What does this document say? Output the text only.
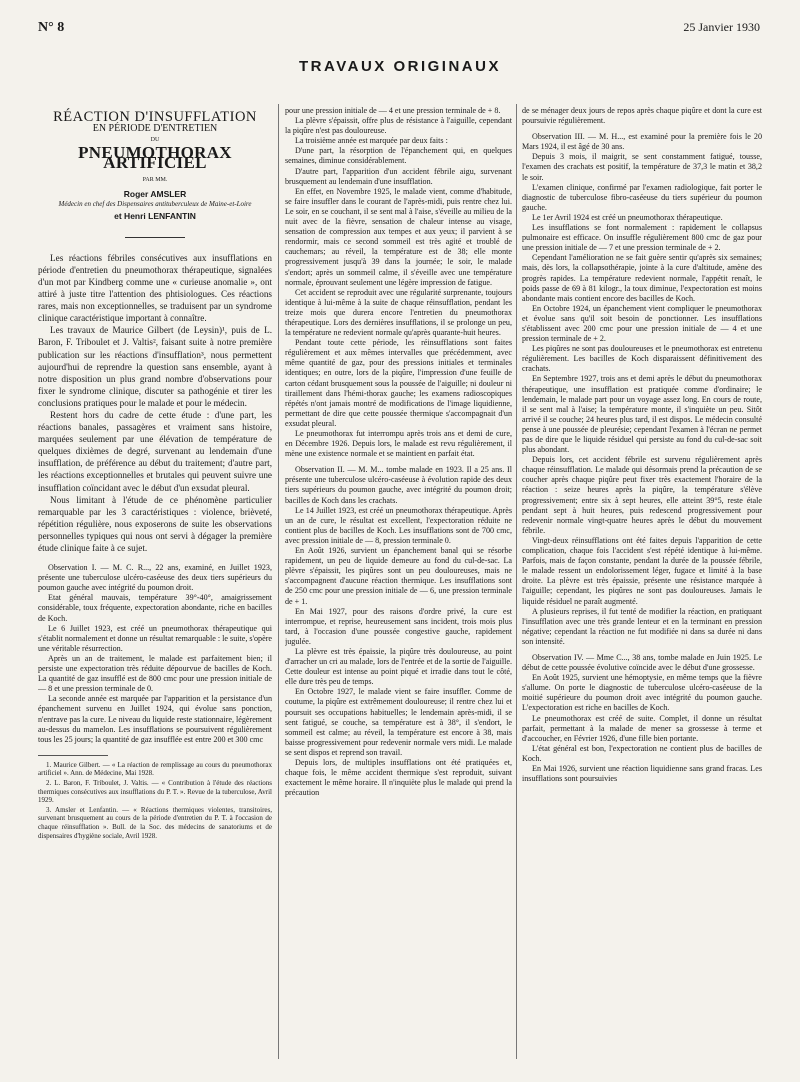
N° 8	25 Janvier 1930
TRAVAUX ORIGINAUX
RÉACTION D'INSUFFLATION
EN PÉRIODE D'ENTRETIEN
DU
PNEUMOTHORAX ARTIFICIEL
PAR MM.
Roger AMSLER
Médecin en chef des Dispensaires antituberculeux de Maine-et-Loire
et Henri LENFANTIN

Les réactions fébriles consécutives aux insufflations en période d'entretien du pneumothorax thérapeutique, signalées d'un mot par Kindberg comme une « curieuse anomalie », ont attiré à juste titre l'attention des phtisiologues. Ces réactions rares, mais non exceptionnelles, se traduisent par un syndrome clinique caractéristique important à connaître.

Les travaux de Maurice Gilbert (de Leysin)¹, puis de L. Baron, F. Triboulet et J. Valtis², faisant suite à notre première publication sur les réactions d'insufflation³, nous permettent aujourd'hui de reprendre la question sans ensemble, ayant à notre disposition un plus grand nombre d'observations pour fixer le syndrome clinique, discuter sa pathogénie et tirer les conclusions pratiques pour le malade et pour le médecin.

Restent hors du cadre de cette étude : d'une part, les réactions banales, passagères et vraiment sans histoire, marquées seulement par une élévation de température de quelques dixièmes de degré, survenant au lendemain d'une insufflation, de préférence au début du traitement; d'autre part, les réactions exceptionnelles et brutales qui peuvent suivre une insufflation coïncidant avec le début d'un exsudat pleural.

Nous limitant à l'étude de ce phénomène particulier remarquable par les 3 caractéristiques : violence, brièveté, répétition régulière, nous exposerons de suite les observations personnelles typiques qui nous ont servi à dégager la première étude clinique faite à ce sujet.

Observation I. — M. C. R..., 22 ans, examiné, en Juillet 1923, présente une tuberculose ulcéro-caséeuse des deux tiers supérieurs du poumon gauche avec intégrité du poumon droit.

Etat général mauvais, température 39°-40°, amaigrissement considérable, toux fréquente, expectoration abondante, riche en bacilles de Koch.

Le 6 Juillet 1923, est créé un pneumothorax thérapeutique qui s'établit normalement et donne un résultat remarquable : le suite, s'opère une véritable résurrection.

Après un an de traitement, le malade est parfaitement bien; il persiste une expectoration très réduite dépourvue de bacilles de Koch. La quantité de gaz insufflé est de 800 cmc pour une pression initiale de — 8 et une pression terminale de 0.

La seconde année est marquée par l'apparition et la persistance d'un épanchement survenu en Juillet 1924, qui évolue sans ponction, n'entrave pas la cure. Le niveau du liquide reste stationnaire, légèrement au-dessus du mamelon. Les insufflations se poursuivent régulièrement tous les 25 jours; la quantité de gaz insufflée est entre 200 et 300 cmc

1. Maurice Gilbert. — « La réaction de remplissage au cours du pneumothorax artificiel ». Ann. de Médecine, Mai 1928.

2. L. Baron, F. Triboulet, J. Valtis. — « Contribution à l'étude des réactions thermiques consécutives aux insufflations du P. T. ». Revue de la tuberculose, Avril 1929.

3. Amsler et Lenfantin. — « Réactions thermiques violentes, transitoires, survenant brusquement au cours de la période d'entretien du P. T. à l'occasion de chaque réinsufflation ». Bull. de la Soc. des médecins de sanatoriums et de dispensaires d'hygiène sociale, Avril 1928.

pour une pression initiale de — 4 et une pression terminale de + 8.

La plèvre s'épaissit, offre plus de résistance à l'aiguille, cependant la piqûre n'est pas douloureuse.

La troisième année est marquée par deux faits :

D'une part, la résorption de l'épanchement qui, en quelques semaines, diminue considérablement.

D'autre part, l'apparition d'un accident fébrile aigu, survenant brusquement au lendemain d'une insufflation.

En effet, en Novembre 1925, le malade vient, comme d'habitude, se faire insuffler dans le courant de l'après-midi, puis rentre chez lui. Le soir, en se couchant, il se sent mal à l'aise, s'éveille au milieu de la nuit avec de la fièvre, sensation de chaleur intense au visage, sensation de compression aux tempes et aux yeux; il parvient à se rendormir, mais ce second sommeil est très agité et troublé de cauchemars; au réveil, la température est de 38; elle monte progressivement jusqu'à 39 dans la journée; le soir, le malade s'endort; après un sommeil calme, il s'éveille avec une température normale, éprouvant seulement une légère impression de fatigue.

Cet accident se reproduit avec une régularité surprenante, toujours identique à lui-même à la suite de chaque réinsufflation, pendant les treize mois que durera encore l'entretien du pneumothorax thérapeutique. Lors des dernières insufflations, il se prolonge un peu, la température ne redevient normale qu'après quarante-huit heures.

Pendant toute cette période, les réinsufflations sont faites régulièrement et aux mêmes intervalles que précédemment, avec même quantité de gaz, pour des pressions initiales et terminales identiques; en outre, lors de la piqûre, l'impression d'une feuille de carton cédant brusquement sous la poussée de l'aiguille; ni douleur ni tiraillement dans l'hémi-thorax gauche; les examens radioscopiques répétés n'ont jamais montré de modifications de l'image liquidienne, permettant de dire que cette poussée thermique s'accompagnait d'un exsudat pleural.

Le pneumothorax fut interrompu après trois ans et demi de cure, en Décembre 1926. Depuis lors, le malade est revu régulièrement, il mène une existence normale et se maintient en parfait état.

Observation II. — M. M... tombe malade en 1923. Il a 25 ans. Il présente une tuberculose ulcéro-caséeuse à évolution rapide des deux tiers supérieurs du poumon gauche, avec intégrité du poumon droit; bacilles de Koch dans les crachats.

Le 14 Juillet 1923, est créé un pneumothorax thérapeutique. Après un an de cure, le résultat est excellent, l'expectoration réduite ne contient plus de bacilles de Koch. Les insufflations sont de 700 cmc, avec pression initiale de — 8, pression terminale 0.

En Août 1926, survient un épanchement banal qui se résorbe rapidement, un peu de liquide demeure au fond du cul-de-sac. La plèvre s'épaissit, les piqûres sont un peu douloureuses, mais ne s'accompagnent d'aucune réaction thermique. Les insufflations sont de 250 cmc pour une pression initiale de — 6, une pression terminale de + 1.

En Mai 1927, pour des raisons d'ordre privé, la cure est interrompue, et reprise, heureusement sans incident, trois mois plus tard, à l'occasion d'une poussée congestive gauche, rapidement jugulée.

La plèvre est très épaissie, la piqûre très douloureuse, au point d'arracher un cri au malade, lors de l'entrée et de la sortie de l'aiguille. Cette douleur est intense au point piqué et irradie dans tout le côté, elle dure très peu de temps.

En Octobre 1927, le malade vient se faire insuffler. Comme de coutume, la piqûre est extrêmement douloureuse; il rentre chez lui et poursuit ses occupations habituelles; le lendemain après-midi, il se sent fatigué, se couche, sa température est à 38°, il s'endort, le sommeil est calme; au réveil, la température est encore à 38, mais baisse progressivement pour redevenir normale vers midi. Le malade se sent dispos et reprend son travail.

Depuis lors, de multiples insufflations ont été pratiquées et, chaque fois, le même accident thermique s'est reproduit, suivant exactement le même horaire. Il n'inquiète plus le malade qui prend la précaution

de se ménager deux jours de repos après chaque piqûre et dont la cure est poursuivie régulièrement.

Observation III. — M. H..., est examiné pour la première fois le 20 Mars 1924, il est âgé de 30 ans.

Depuis 3 mois, il maigrit, se sent constamment fatigué, tousse, l'examen des crachats est positif, la température de 37,3 le matin et 38,2 le soir.

L'examen clinique, confirmé par l'examen radiologique, fait porter le diagnostic de tuberculose fibro-caséeuse du tiers supérieur du poumon gauche.

Le 1er Avril 1924 est créé un pneumothorax thérapeutique.

Les insufflations se font normalement : rapidement le collapsus pulmonaire est efficace. On insuffle régulièrement 800 cmc de gaz pour une pression initiale de — 7 et une pression terminale de + 2.

Cependant l'amélioration ne se fait guère sentir qu'après six semaines; mais, dès lors, la collapsothérapie, jointe à la cure d'altitude, amène des progrès rapides. La température redevient normale, l'appétit renaît, le poids passe de 69 à 81 kilogr., la toux diminue, l'expectoration est moins abondante mais contient encore des bacilles de Koch.

En Octobre 1924, un épanchement vient compliquer le pneumothorax et évolue sans qu'il soit besoin de ponctionner. Les insufflations s'établissent avec 200 cmc pour une pression initiale de — 4 et une pression terminale de + 2.

Les piqûres ne sont pas douloureuses et le pneumothorax est entretenu régulièrement. Les bacilles de Koch disparaissent définitivement des crachats.

En Septembre 1927, trois ans et demi après le début du pneumothorax thérapeutique, une insufflation est pratiquée comme d'ordinaire; le lendemain, le malade part pour un voyage assez long. En cours de route, il se sent mal à l'aise; la température monte, il s'inquiète un peu. Sitôt arrivé il se couche; 24 heures plus tard, il est dispos. Le médecin consulté pense à une poussée de pleurésie; cependant l'examen à l'écran ne permet pas de dire que le liquide résiduel qui persiste au fond du cul-de-sac soit plus abondant.

Depuis lors, cet accident fébrile est survenu régulièrement après chaque réinsufflation. Le malade qui désormais prend la précaution de se coucher après chaque piqûre peut fixer très exactement l'horaire de la réaction : seize heures après la piqûre, la température s'élève progressivement; entre six à sept heures, elle atteint 39°5, reste étale pendant sept à huit heures, puis redescend progressivement pour redevenir normale vingt-quatre heures après le début du mouvement fébrile.

Vingt-deux réinsufflations ont été faites depuis l'apparition de cette complication, chaque fois l'accident s'est répété identique à lui-même. Parfois, mais de façon constante, pendant la durée de la poussée fébrile, le malade ressent un endolorissement léger, fugace et limité à la base droite. La plèvre est très épaissie, présente une résistance marquée à l'aiguille; cependant, les piqûres ne sont pas douloureuses. Jamais le liquide résiduel ne paraît augmenté.

A plusieurs reprises, il fut tenté de modifier la réaction, en pratiquant l'insufflation avec une très grande lenteur et en la terminant en pression négative; cependant la réaction ne fut modifiée ni dans sa durée ni dans son intensité.

Observation IV. — Mme C..., 38 ans, tombe malade en Juin 1925. Le début de cette poussée évolutive coïncide avec le début d'une grossesse.

En Août 1925, survient une hémoptysie, en même temps que la fièvre s'allume. On porte le diagnostic de tuberculose ulcéro-caséeuse de la moitié supérieure du poumon droit avec intégrité du poumon gauche. L'expectoration est riche en bacilles de Koch.

Le pneumothorax est créé de suite. Complet, il donne un résultat parfait, permettant à la malade de mener sa grossesse à terme et d'accoucher, en Février 1926, d'une fille bien portante.

L'état général est bon, l'expectoration ne contient plus de bacilles de Koch.

En Mai 1926, survient une réaction liquidienne sans grand fracas. Les insufflations sont poursuivies
